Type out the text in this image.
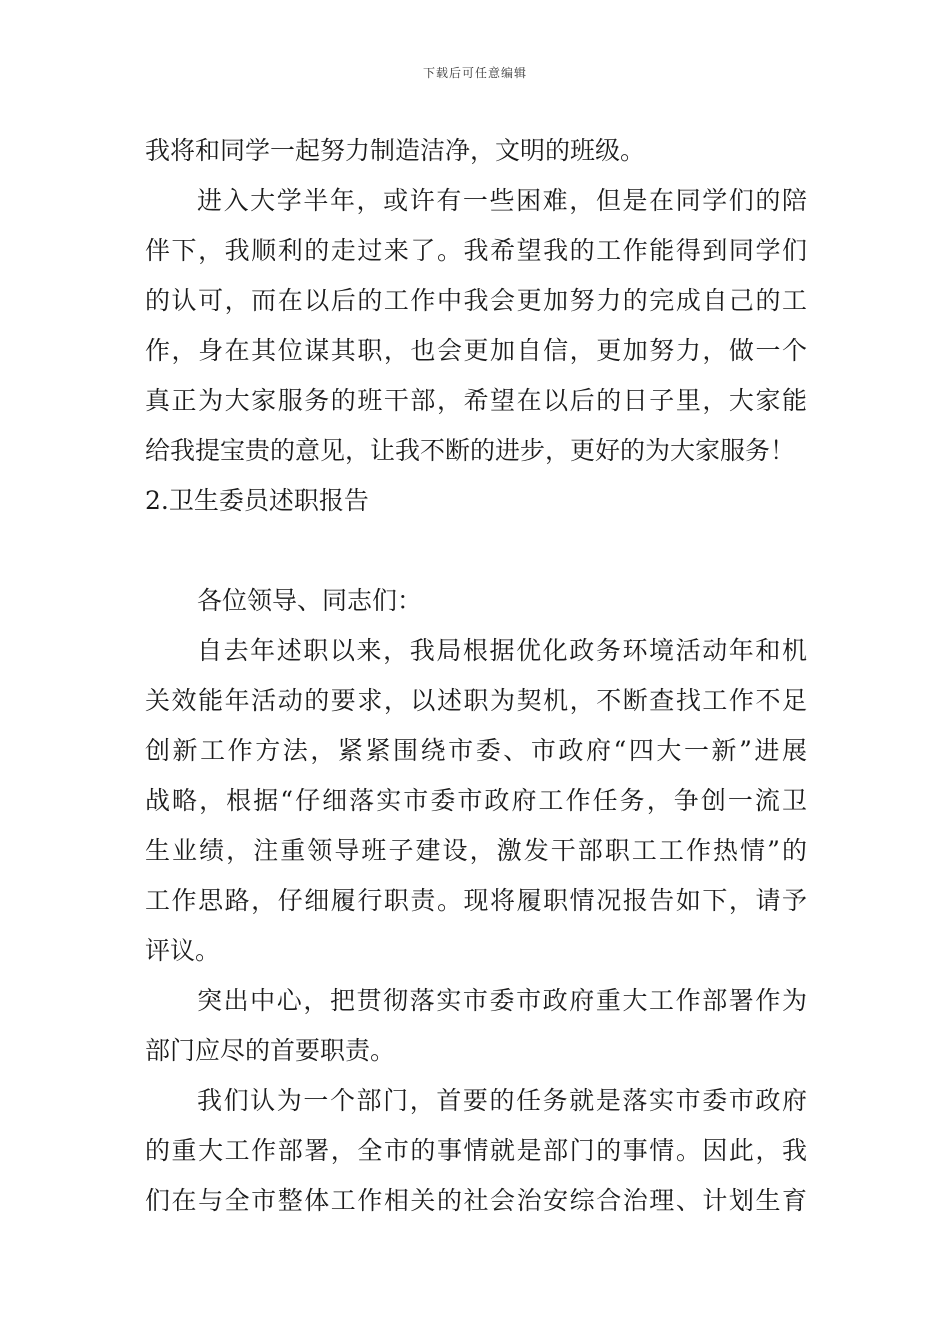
下载后可任意编辑
我将和同学一起努力制造洁净，文明的班级。
进入大学半年，或许有一些困难，但是在同学们的陪
伴下，我顺利的走过来了。我希望我的工作能得到同学们
的认可，而在以后的工作中我会更加努力的完成自己的工
作，身在其位谋其职，也会更加自信，更加努力，做一个
真正为大家服务的班干部，希望在以后的日子里，大家能
给我提宝贵的意见，让我不断的进步，更好的为大家服务！
2.卫生委员述职报告
各位领导、同志们：
自去年述职以来，我局根据优化政务环境活动年和机
关效能年活动的要求，以述职为契机，不断查找工作不足
创新工作方法，紧紧围绕市委、市政府“四大一新”进展
战略，根据“仔细落实市委市政府工作任务，争创一流卫
生业绩，注重领导班子建设，激发干部职工工作热情”的
工作思路，仔细履行职责。现将履职情况报告如下，请予
评议。
突出中心，把贯彻落实市委市政府重大工作部署作为
部门应尽的首要职责。
我们认为一个部门，首要的任务就是落实市委市政府
的重大工作部署，全市的事情就是部门的事情。因此，我
们在与全市整体工作相关的社会治安综合治理、计划生育
